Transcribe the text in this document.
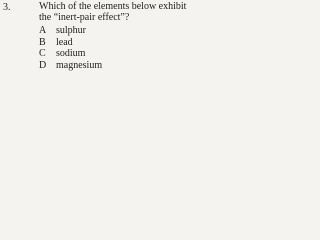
3.	Which of the elements below exhibit the “inert-pair effect”?
A sulphur
B lead
C sodium
D magnesium
